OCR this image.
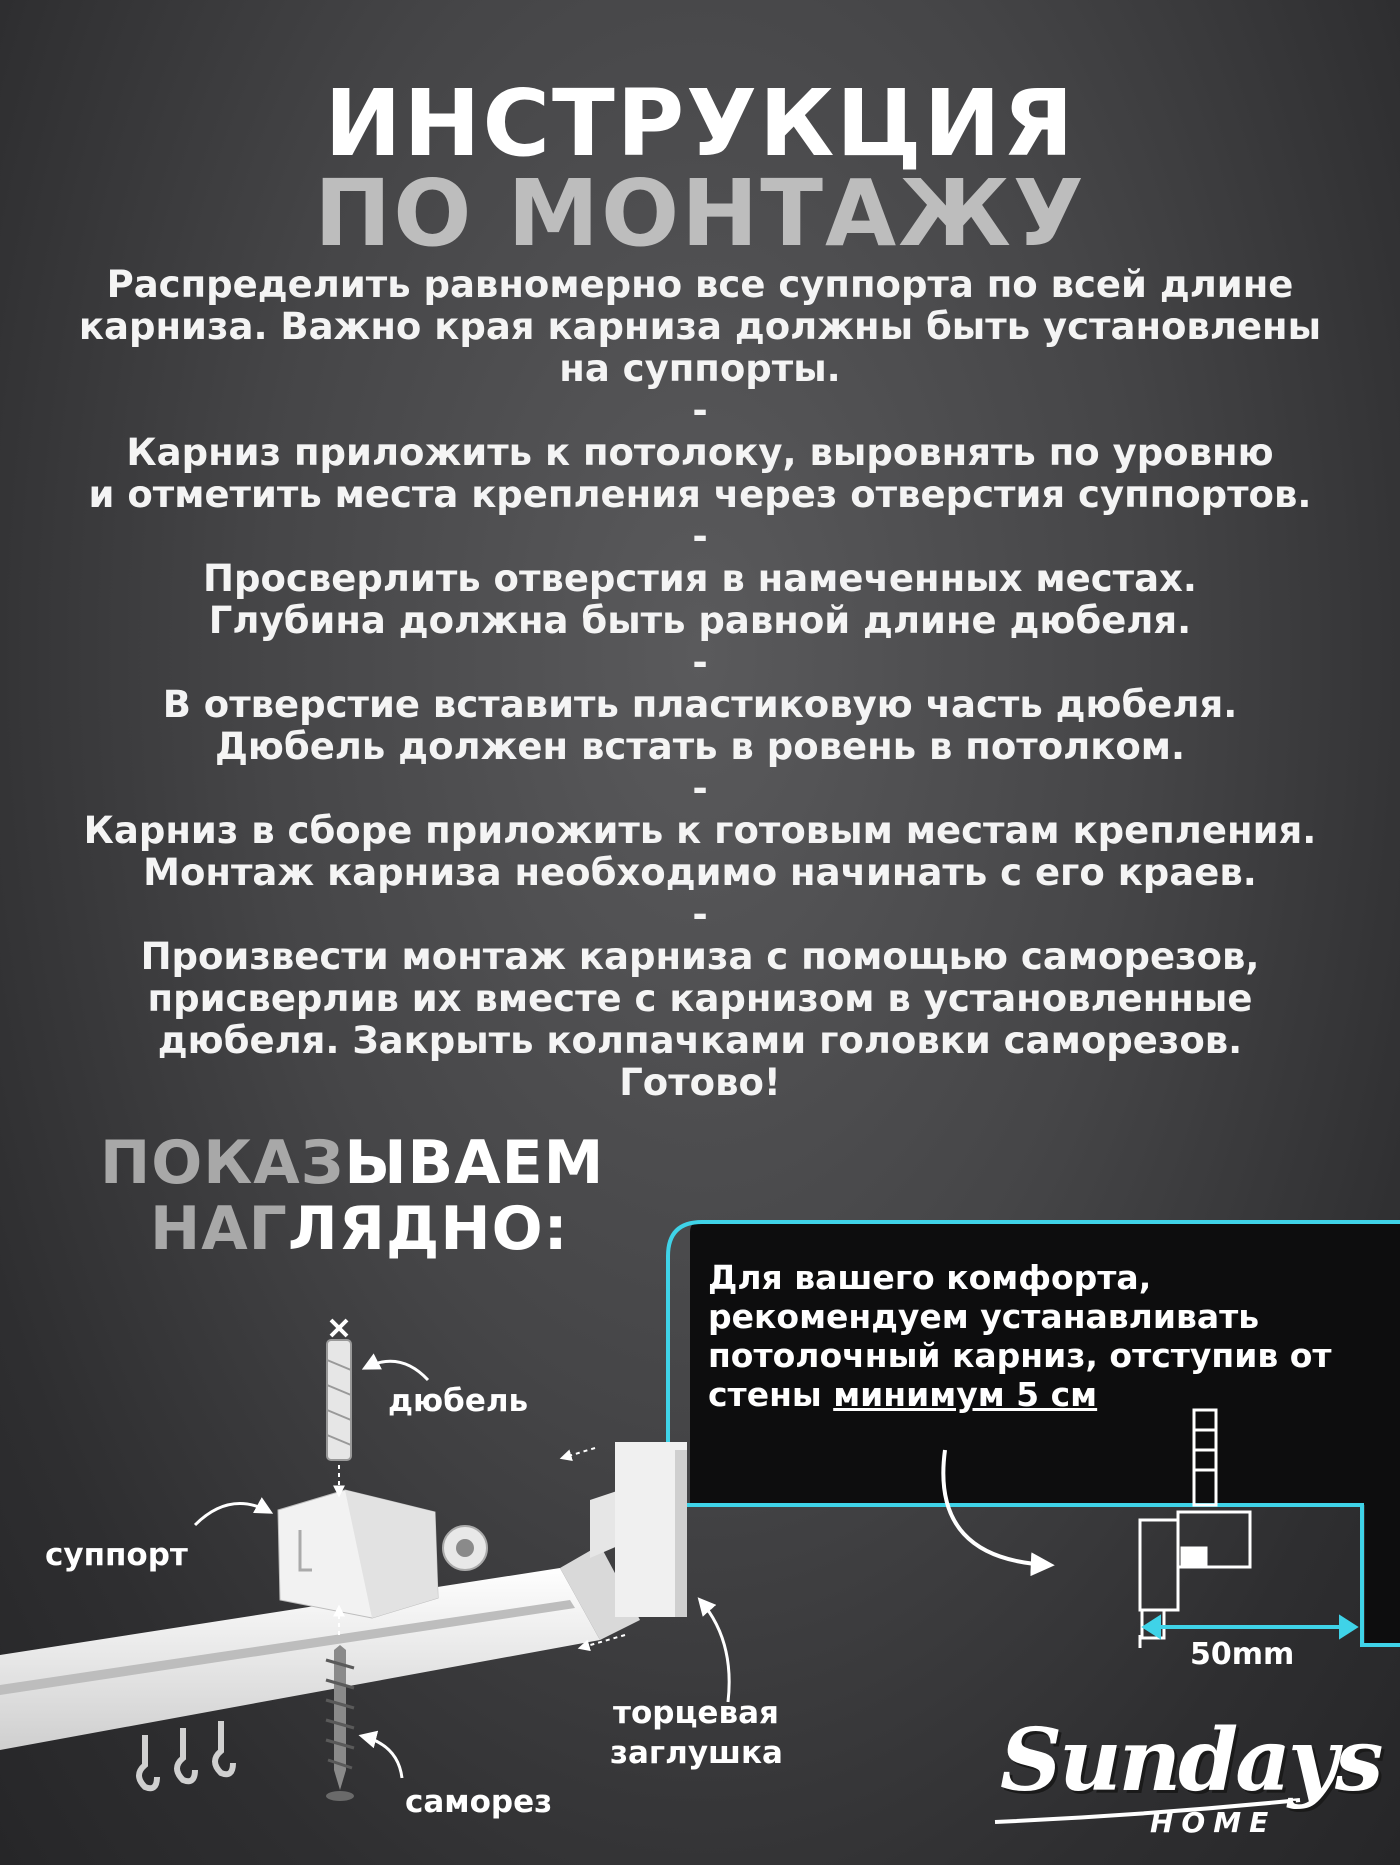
ИНСТРУКЦИЯ
ПО МОНТАЖУ

Распределить равномерно все суппорта по всей длине

карниза. Важно края карниза должны быть установлены

на суппорты.

-

Карниз приложить к потолоку, выровнять по уровню

и отметить места крепления через отверстия суппортов.

-

Просверлить отверстия в намеченных местах.

Глубина должна быть равной длине дюбеля.

-

В отверстие вставить пластиковую часть дюбеля.

Дюбель должен встать в ровень в потолком.

-

Карниз в сборе приложить к готовым местам крепления.

Монтаж карниза необходимо начинать с его краев.

-

Произвести монтаж карниза с помощью саморезов,

присверлив их вместе с карнизом в установленные

дюбеля. Закрыть колпачками головки саморезов.

Готово!

ПОКАЗЫВАЕМ
НАГЛЯДНО:
Для вашего комфорта, рекомендуем устанавливать потолочный карниз, отступив от стены минимум 5 см
дюбель
суппорт
торцевая
заглушка
саморез
50mm
Sundays
HOME
